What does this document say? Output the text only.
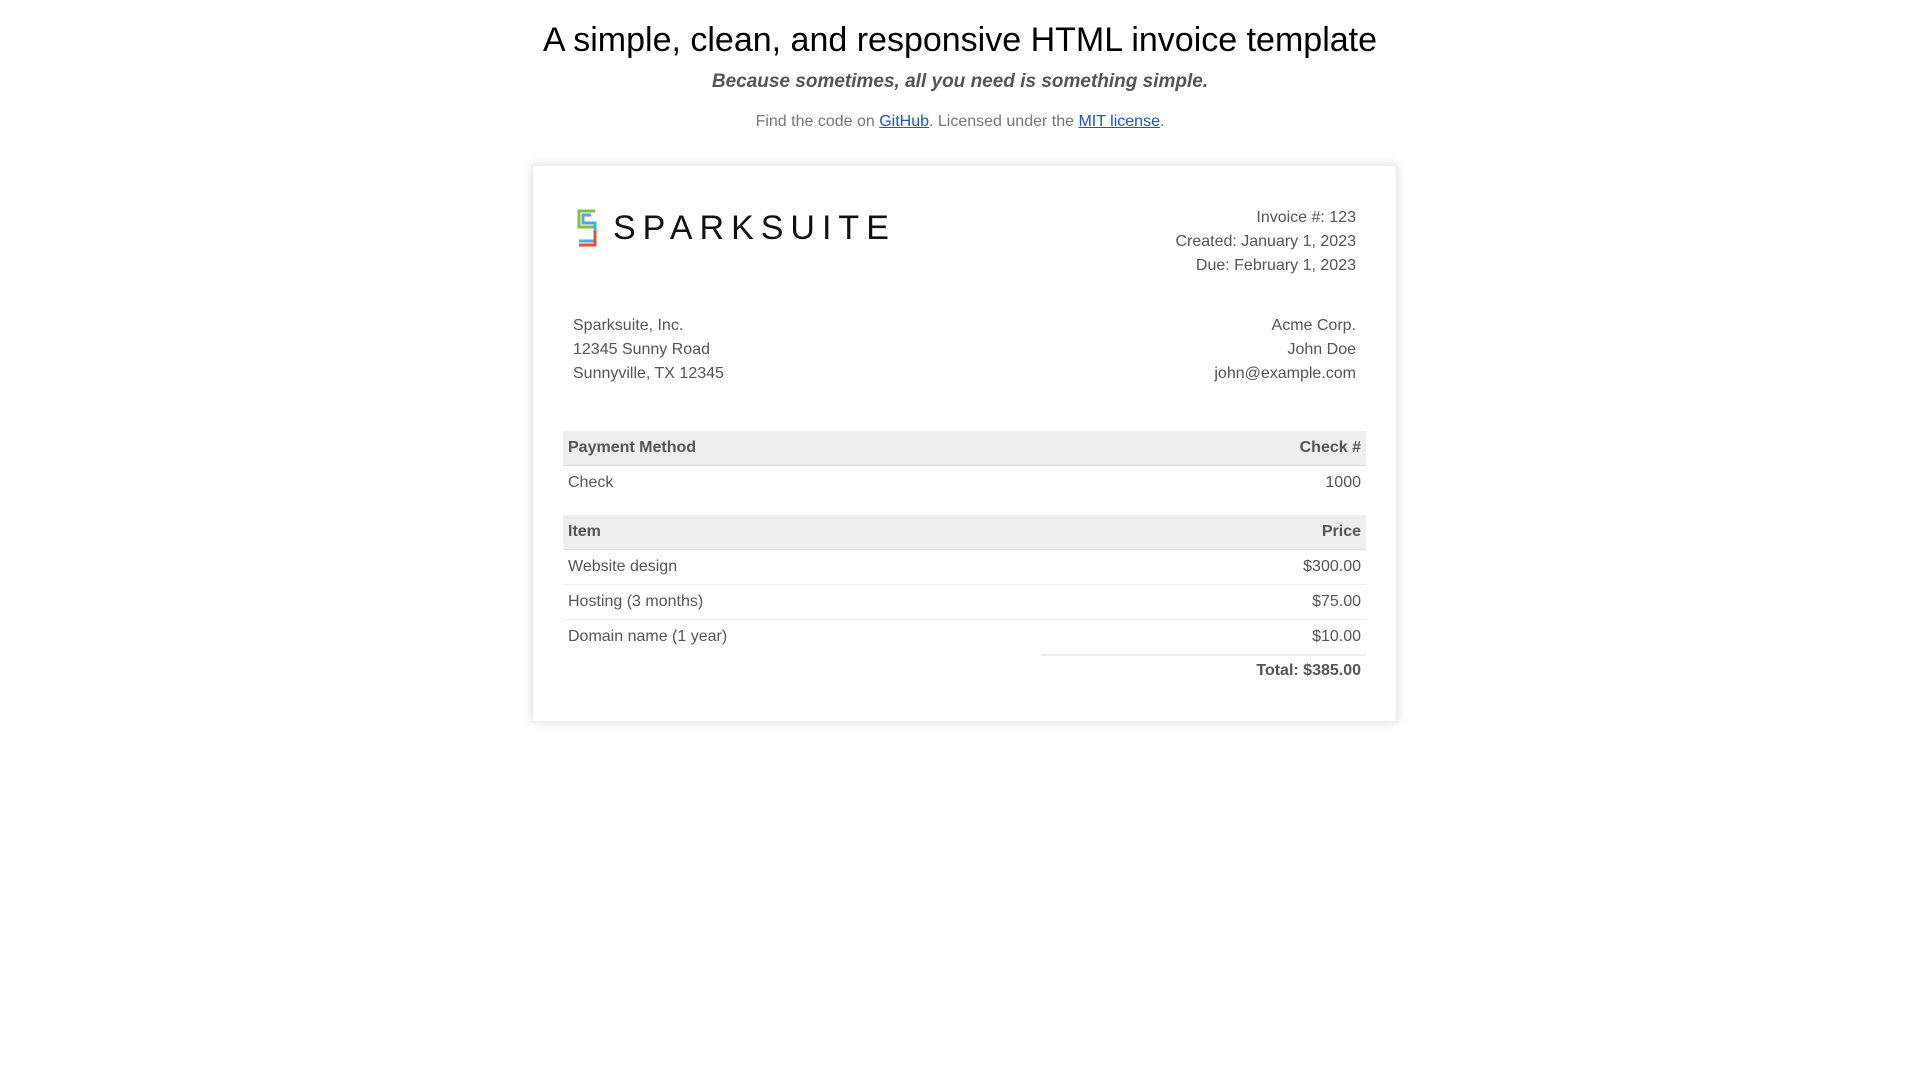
A simple, clean, and responsive HTML invoice template
Because sometimes, all you need is something simple.

Find the code on GitHub. Licensed under the MIT license.

SPARKSUITE	Invoice #: 123
Created: January 1, 2023
Due: February 1, 2023
Sparksuite, Inc.
12345 Sunny Road
Sunnyville, TX 12345
Acme Corp.
John Doe
john@example.com
Payment Method	Check #
Check	1000
Item	Price
Website design	$300.00
Hosting (3 months)	$75.00
Domain name (1 year)	$10.00
Total: $385.00
